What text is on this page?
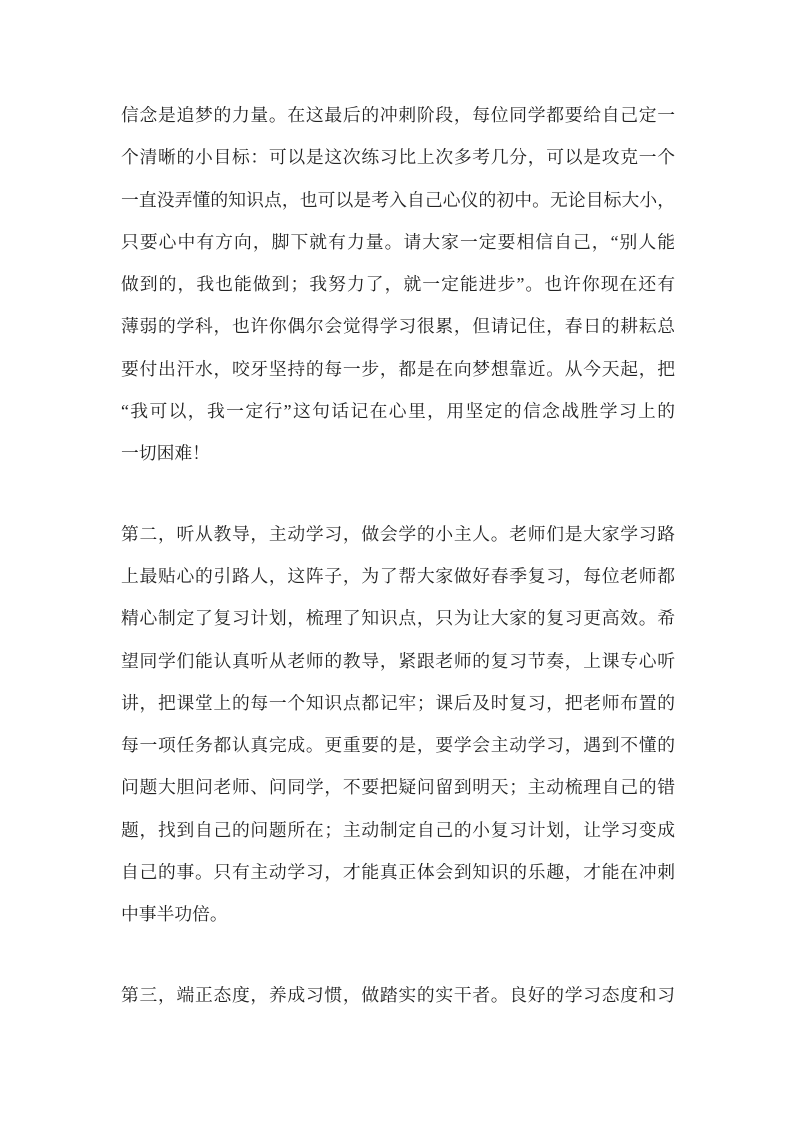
信念是追梦的力量。在这最后的冲刺阶段，每位同学都要给自己定一
个清晰的小目标：可以是这次练习比上次多考几分，可以是攻克一个
一直没弄懂的知识点，也可以是考入自己心仪的初中。无论目标大小，
只要心中有方向，脚下就有力量。请大家一定要相信自己，“别人能
做到的，我也能做到；我努力了，就一定能进步”。也许你现在还有
薄弱的学科，也许你偶尔会觉得学习很累，但请记住，春日的耕耘总
要付出汗水，咬牙坚持的每一步，都是在向梦想靠近。从今天起，把
“我可以，我一定行”这句话记在心里，用坚定的信念战胜学习上的
一切困难！
第二，听从教导，主动学习，做会学的小主人。老师们是大家学习路
上最贴心的引路人，这阵子，为了帮大家做好春季复习，每位老师都
精心制定了复习计划，梳理了知识点，只为让大家的复习更高效。希
望同学们能认真听从老师的教导，紧跟老师的复习节奏，上课专心听
讲，把课堂上的每一个知识点都记牢；课后及时复习，把老师布置的
每一项任务都认真完成。更重要的是，要学会主动学习，遇到不懂的
问题大胆问老师、问同学，不要把疑问留到明天；主动梳理自己的错
题，找到自己的问题所在；主动制定自己的小复习计划，让学习变成
自己的事。只有主动学习，才能真正体会到知识的乐趣，才能在冲刺
中事半功倍。
第三，端正态度，养成习惯，做踏实的实干者。良好的学习态度和习
